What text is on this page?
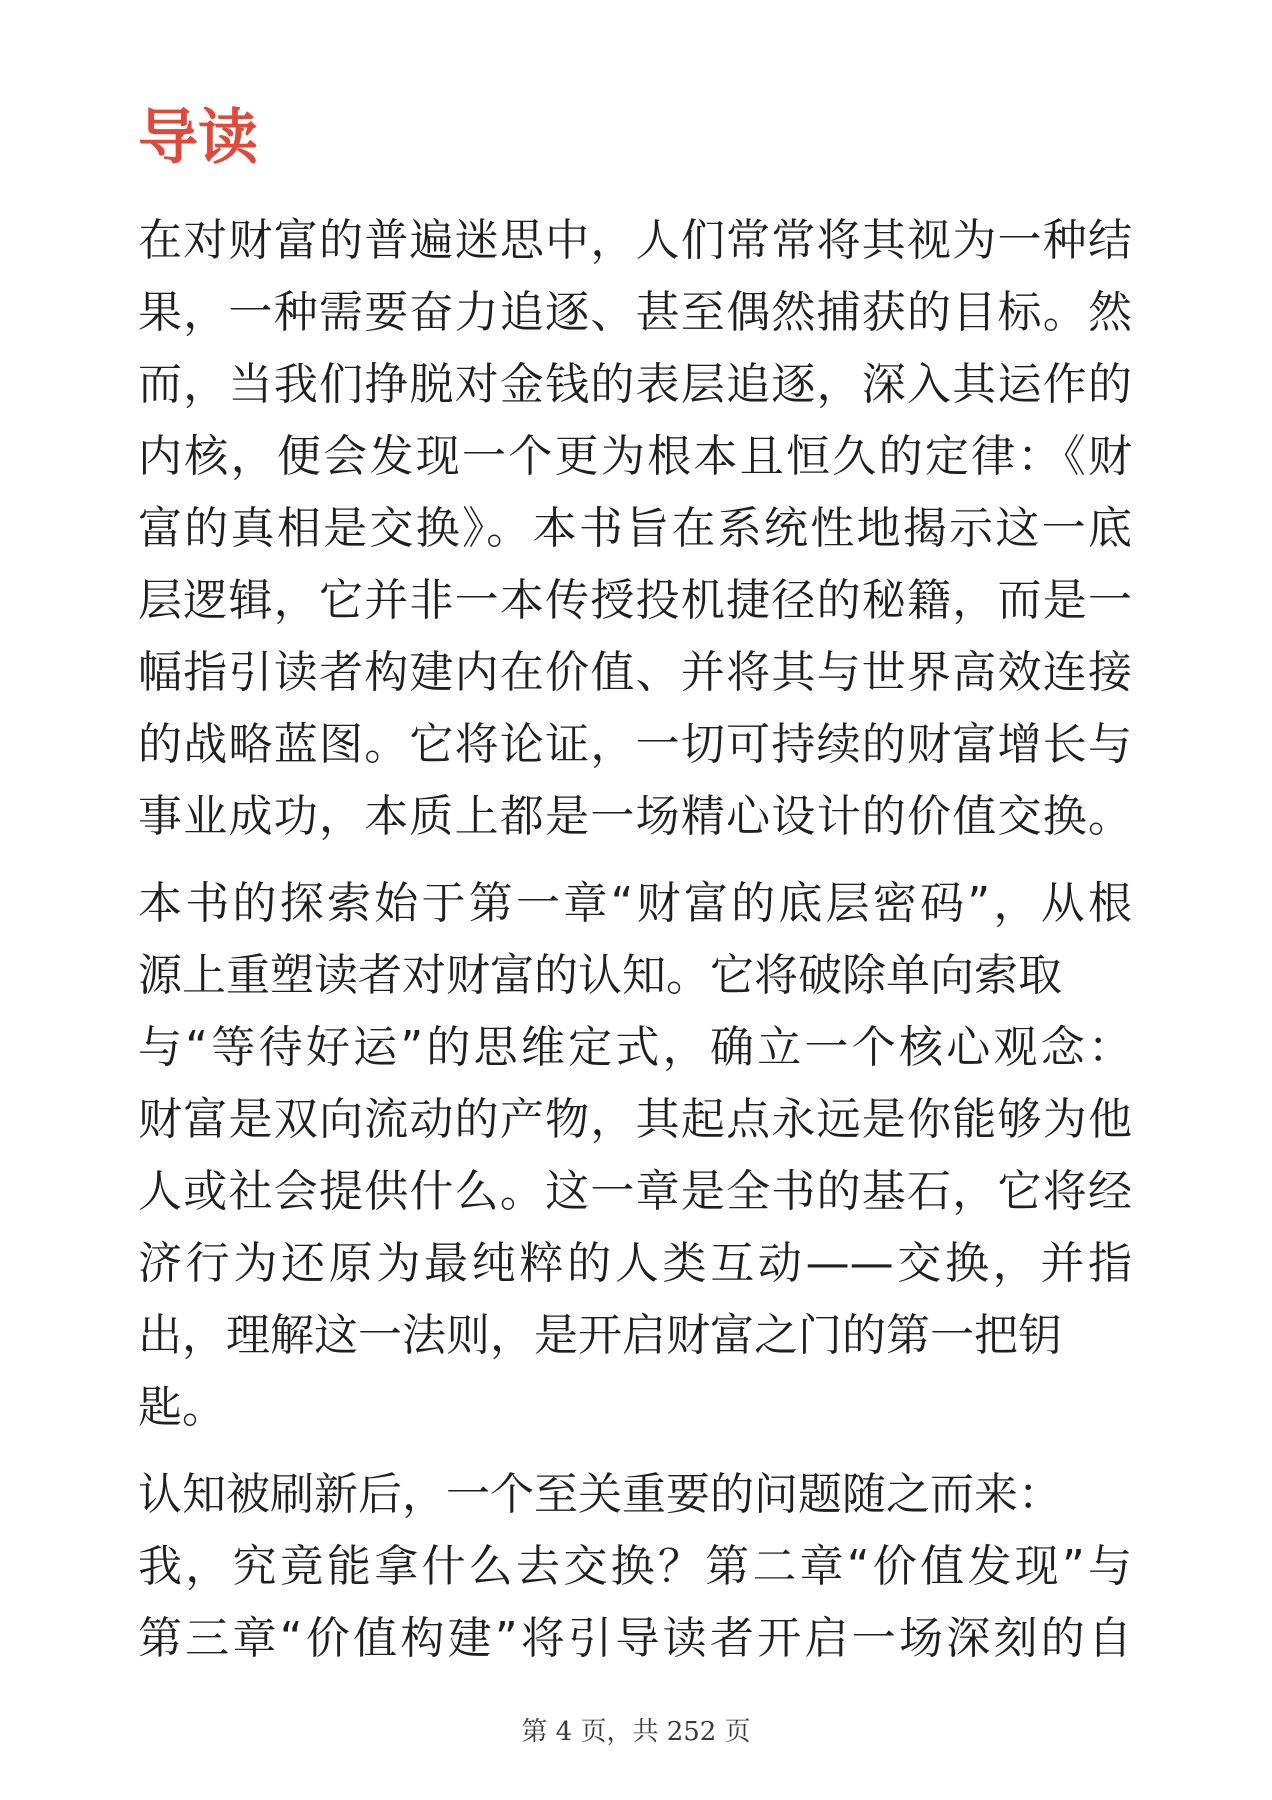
导读

在对财富的普遍迷思中，人们常常将其视为一种结
果，一种需要奋力追逐、甚至偶然捕获的目标。然
而，当我们挣脱对金钱的表层追逐，深入其运作的
内核，便会发现一个更为根本且恒久的定律：《财
富的真相是交换》。本书旨在系统性地揭示这一底
层逻辑，它并非一本传授投机捷径的秘籍，而是一
幅指引读者构建内在价值、并将其与世界高效连接
的战略蓝图。它将论证，一切可持续的财富增长与
事业成功，本质上都是一场精心设计的价值交换。

本书的探索始于第一章“财富的底层密码”，从根
源上重塑读者对财富的认知。它将破除单向索取
与“等待好运”的思维定式，确立一个核心观念：
财富是双向流动的产物，其起点永远是你能够为他
人或社会提供什么。这一章是全书的基石，它将经
济行为还原为最纯粹的人类互动——交换，并指
出，理解这一法则，是开启财富之门的第一把钥
匙。

认知被刷新后，一个至关重要的问题随之而来：
我，究竟能拿什么去交换？第二章“价值发现”与
第三章“价值构建”将引导读者开启一场深刻的自

第 4 页，共 252 页
